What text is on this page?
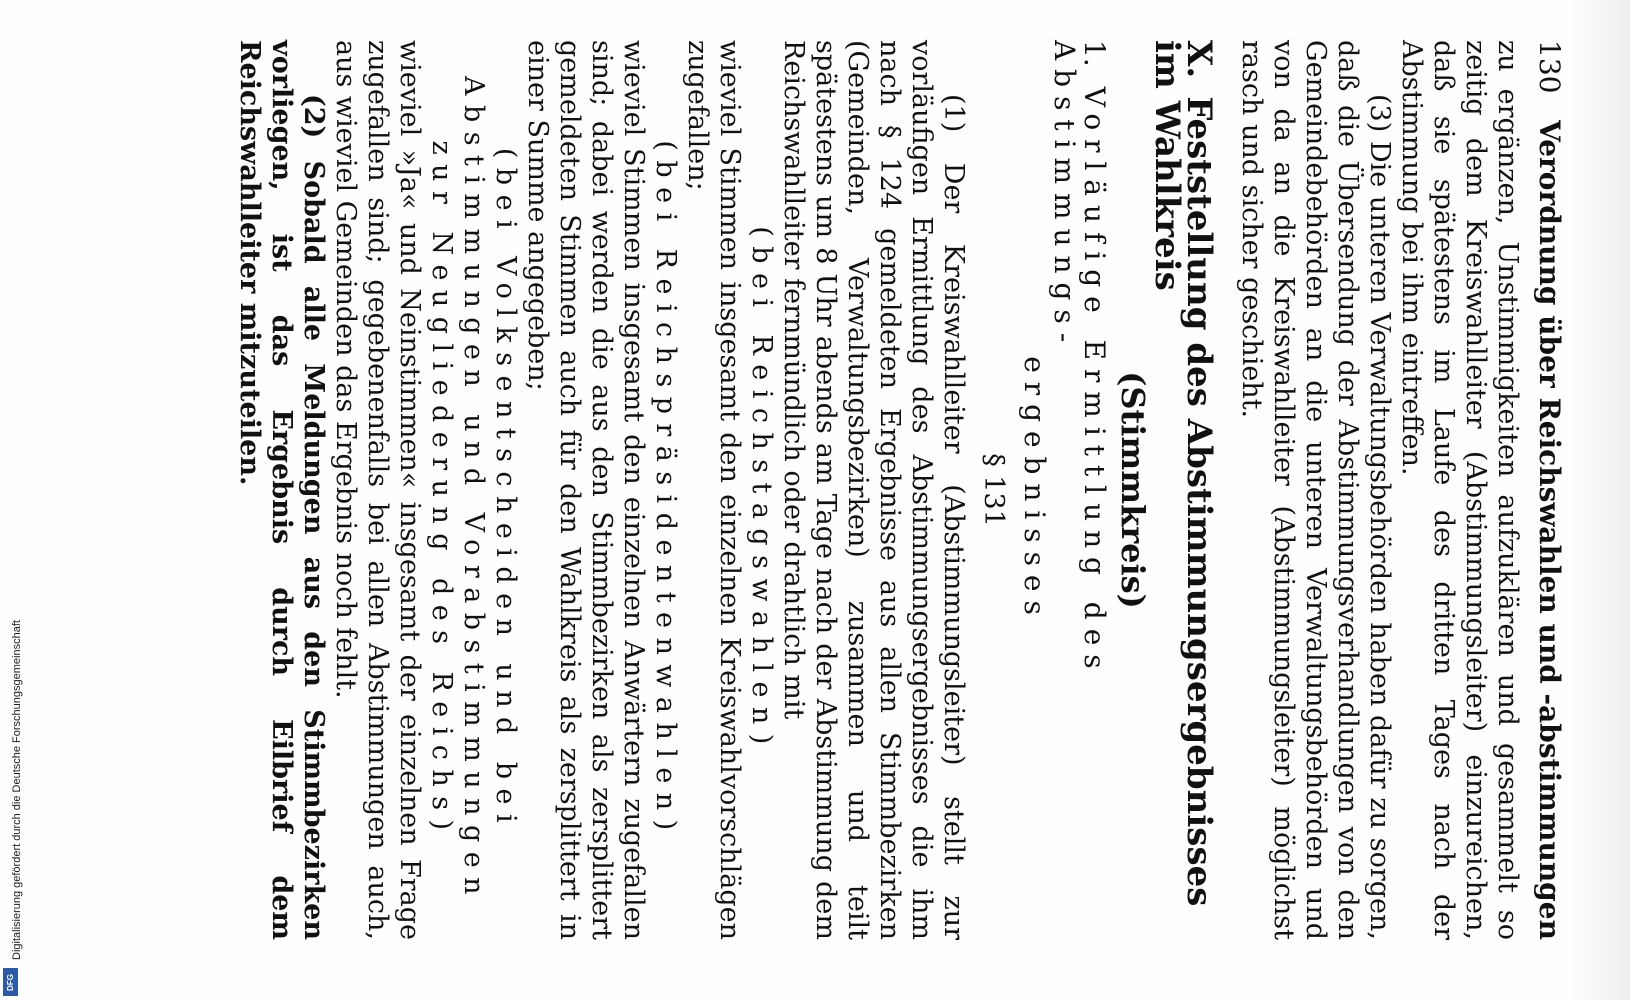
Digitalisierung gefördert durch die Deutsche Forschungsgemeinschaft
DFG
130
Verordnung über Reichswahlen und -abstimmungen

zu ergänzen, Unstimmigkeiten aufzuklären und gesammelt so zeitig dem Kreiswahlleiter (Abstimmungsleiter) einzureichen, daß sie spätestens im Laufe des dritten Tages nach der Abstimmung bei ihm eintreffen.

(3) Die unteren Verwaltungsbehörden haben dafür zu sorgen, daß die Übersendung der Abstimmungsverhandlungen von den Gemeindebehörden an die unteren Verwaltungsbehörden und von da an die Kreiswahlleiter (Abstimmungsleiter) möglichst rasch und sicher geschieht.

X.Feststellung des Abstimmungsergebnisses im Wahlkreis
(Stimmkreis)
1.Vorläufige Ermittlung des Abstimmungs-
ergebnisses
§ 131

(1) Der Kreiswahlleiter (Abstimmungsleiter) stellt zur vorläufigen Ermittlung des Abstimmungsergebnisses die ihm nach § 124 gemeldeten Ergebnisse aus allen Stimmbezirken (Gemeinden, Verwaltungsbezirken) zusammen und teilt spätestens um 8 Uhr abends am Tage nach der Abstimmung dem Reichswahlleiter fernmündlich oder drahtlich mit

(bei Reichstagswahlen)

wieviel Stimmen insgesamt den einzelnen Kreiswahlvorschlägen zugefallen;

(bei Reichspräsidentenwahlen)

wieviel Stimmen insgesamt den einzelnen Anwärtern zugefallen sind; dabei werden die aus den Stimmbezirken als zersplittert gemeldeten Stimmen auch für den Wahlkreis als zersplittert in einer Summe angegeben;

(bei Volksentscheiden und bei Abstimmungen und Vorabstimmungen zur Neugliederung des Reichs)

wieviel »Ja« und Neinstimmen« insgesamt der einzelnen Frage zugefallen sind; gegebenenfalls bei allen Abstimmungen auch, aus wieviel Gemeinden das Ergebnis noch fehlt.

(2) Sobald alle Meldungen aus den Stimmbezirken vorliegen, ist das Ergebnis durch Eilbrief dem Reichswahlleiter mitzuteilen.
